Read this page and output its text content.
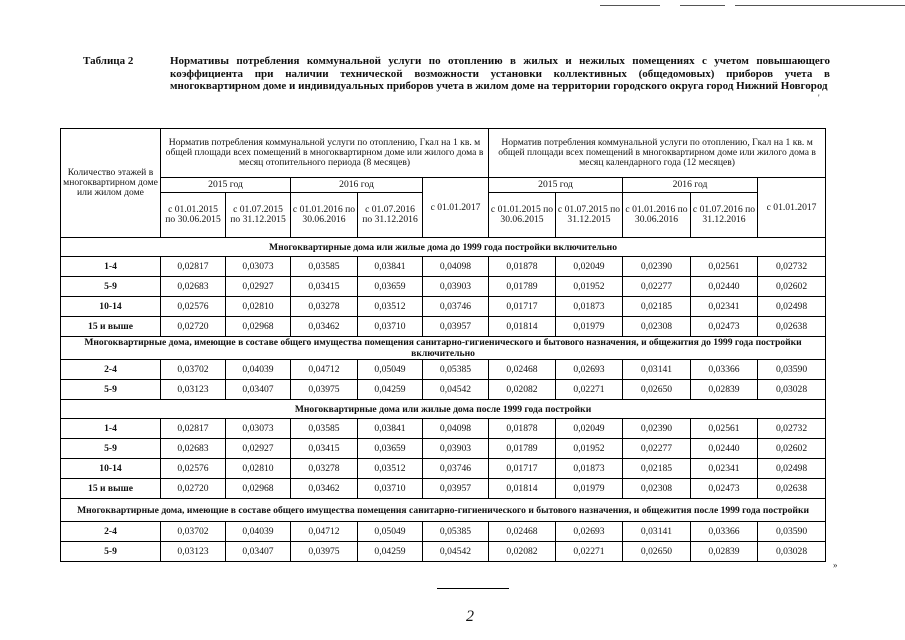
Таблица 2	Нормативы потребления коммунальной услуги по отоплению в жилых и нежилых помещениях с учетом повышающего коэффициента при наличии технической возможности установки коллективных (общедомовых) приборов учета в многоквартирном доме и индивидуальных приборов учета в жилом доме на территории городского округа город Нижний Новгород
Количество этажей в многоквартирном доме или жилом доме	Норматив потребления коммунальной услуги по отоплению, Гкал на 1 кв. м общей площади всех помещений в многоквартирном доме или жилого дома в месяц отопительного периода (8 месяцев)					Норматив потребления коммунальной услуги по отоплению, Гкал на 1 кв. м общей площади всех помещений в многоквартирном доме или жилого дома в месяц календарного года (12 месяцев)				
	2015 год		2016 год		с 01.01.2017	2015 год		2016 год		с 01.01.2017
	с 01.01.2015 по 30.06.2015	с 01.07.2015 по 31.12.2015	с 01.01.2016 по 30.06.2016	с 01.07.2016 по 31.12.2016		с 01.01.2015 по 30.06.2015	с 01.07.2015 по 31.12.2015	с 01.01.2016 по 30.06.2016	с 01.07.2016 по 31.12.2016	
Многоквартирные дома или жилые дома до 1999 года постройки включительно										
1-4	0,02817	0,03073	0,03585	0,03841	0,04098	0,01878	0,02049	0,02390	0,02561	0,02732
5-9	0,02683	0,02927	0,03415	0,03659	0,03903	0,01789	0,01952	0,02277	0,02440	0,02602
10-14	0,02576	0,02810	0,03278	0,03512	0,03746	0,01717	0,01873	0,02185	0,02341	0,02498
15 и выше	0,02720	0,02968	0,03462	0,03710	0,03957	0,01814	0,01979	0,02308	0,02473	0,02638
Многоквартирные дома, имеющие в составе общего имущества помещения санитарно-гигиенического и бытового назначения, и общежития до 1999 года постройки включительно										
2-4	0,03702	0,04039	0,04712	0,05049	0,05385	0,02468	0,02693	0,03141	0,03366	0,03590
5-9	0,03123	0,03407	0,03975	0,04259	0,04542	0,02082	0,02271	0,02650	0,02839	0,03028
Многоквартирные дома или жилые дома после 1999 года постройки										
1-4	0,02817	0,03073	0,03585	0,03841	0,04098	0,01878	0,02049	0,02390	0,02561	0,02732
5-9	0,02683	0,02927	0,03415	0,03659	0,03903	0,01789	0,01952	0,02277	0,02440	0,02602
10-14	0,02576	0,02810	0,03278	0,03512	0,03746	0,01717	0,01873	0,02185	0,02341	0,02498
15 и выше	0,02720	0,02968	0,03462	0,03710	0,03957	0,01814	0,01979	0,02308	0,02473	0,02638
Многоквартирные дома, имеющие в составе общего имущества помещения санитарно-гигиенического и бытового назначения, и общежития после 1999 года постройки										
2-4	0,03702	0,04039	0,04712	0,05049	0,05385	0,02468	0,02693	0,03141	0,03366	0,03590
5-9	0,03123	0,03407	0,03975	0,04259	0,04542	0,02082	0,02271	0,02650	0,02839	0,03028
»
'
2
